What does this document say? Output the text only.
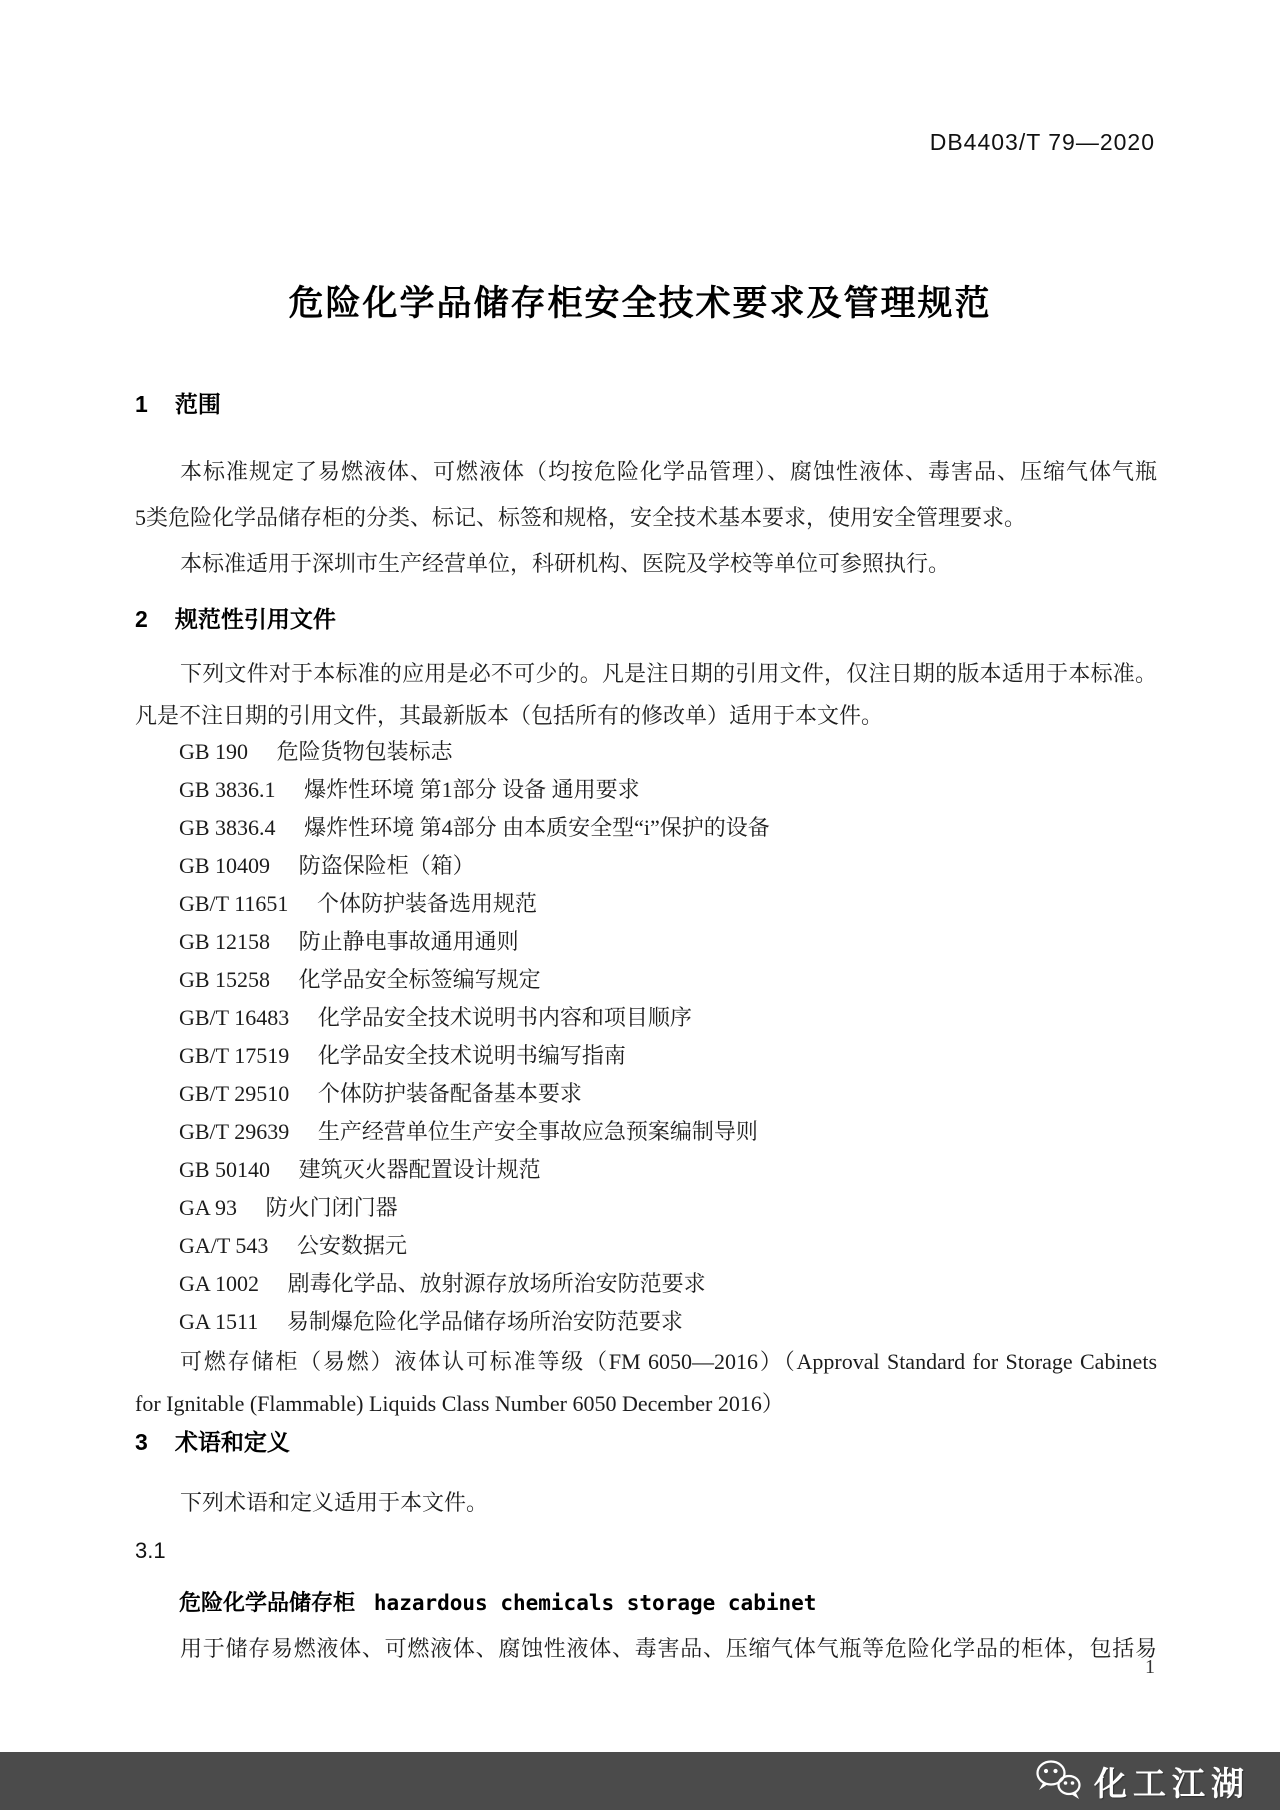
DB4403/T 79—2020
危险化学品储存柜安全技术要求及管理规范
1 范围
本标准规定了易燃液体、可燃液体（均按危险化学品管理）、腐蚀性液体、毒害品、压缩气体气瓶
5类危险化学品储存柜的分类、标记、标签和规格，安全技术基本要求，使用安全管理要求。
本标准适用于深圳市生产经营单位，科研机构、医院及学校等单位可参照执行。
2 规范性引用文件
下列文件对于本标准的应用是必不可少的。凡是注日期的引用文件，仅注日期的版本适用于本标准。
凡是不注日期的引用文件，其最新版本（包括所有的修改单）适用于本文件。
GB 190 危险货物包装标志
GB 3836.1 爆炸性环境 第1部分 设备 通用要求
GB 3836.4 爆炸性环境 第4部分 由本质安全型“i”保护的设备
GB 10409 防盗保险柜（箱）
GB/T 11651 个体防护装备选用规范
GB 12158 防止静电事故通用通则
GB 15258 化学品安全标签编写规定
GB/T 16483 化学品安全技术说明书内容和项目顺序
GB/T 17519 化学品安全技术说明书编写指南
GB/T 29510 个体防护装备配备基本要求
GB/T 29639 生产经营单位生产安全事故应急预案编制导则
GB 50140 建筑灭火器配置设计规范
GA 93 防火门闭门器
GA/T 543 公安数据元
GA 1002 剧毒化学品、放射源存放场所治安防范要求
GA 1511 易制爆危险化学品储存场所治安防范要求
可燃存储柜（易燃）液体认可标准等级（FM 6050—2016）（Approval Standard for Storage Cabinets
for Ignitable (Flammable) Liquids Class Number 6050 December 2016）
3 术语和定义
下列术语和定义适用于本文件。
3.1
危险化学品储存柜 hazardous chemicals storage cabinet
用于储存易燃液体、可燃液体、腐蚀性液体、毒害品、压缩气体气瓶等危险化学品的柜体，包括易
1
化工江湖
